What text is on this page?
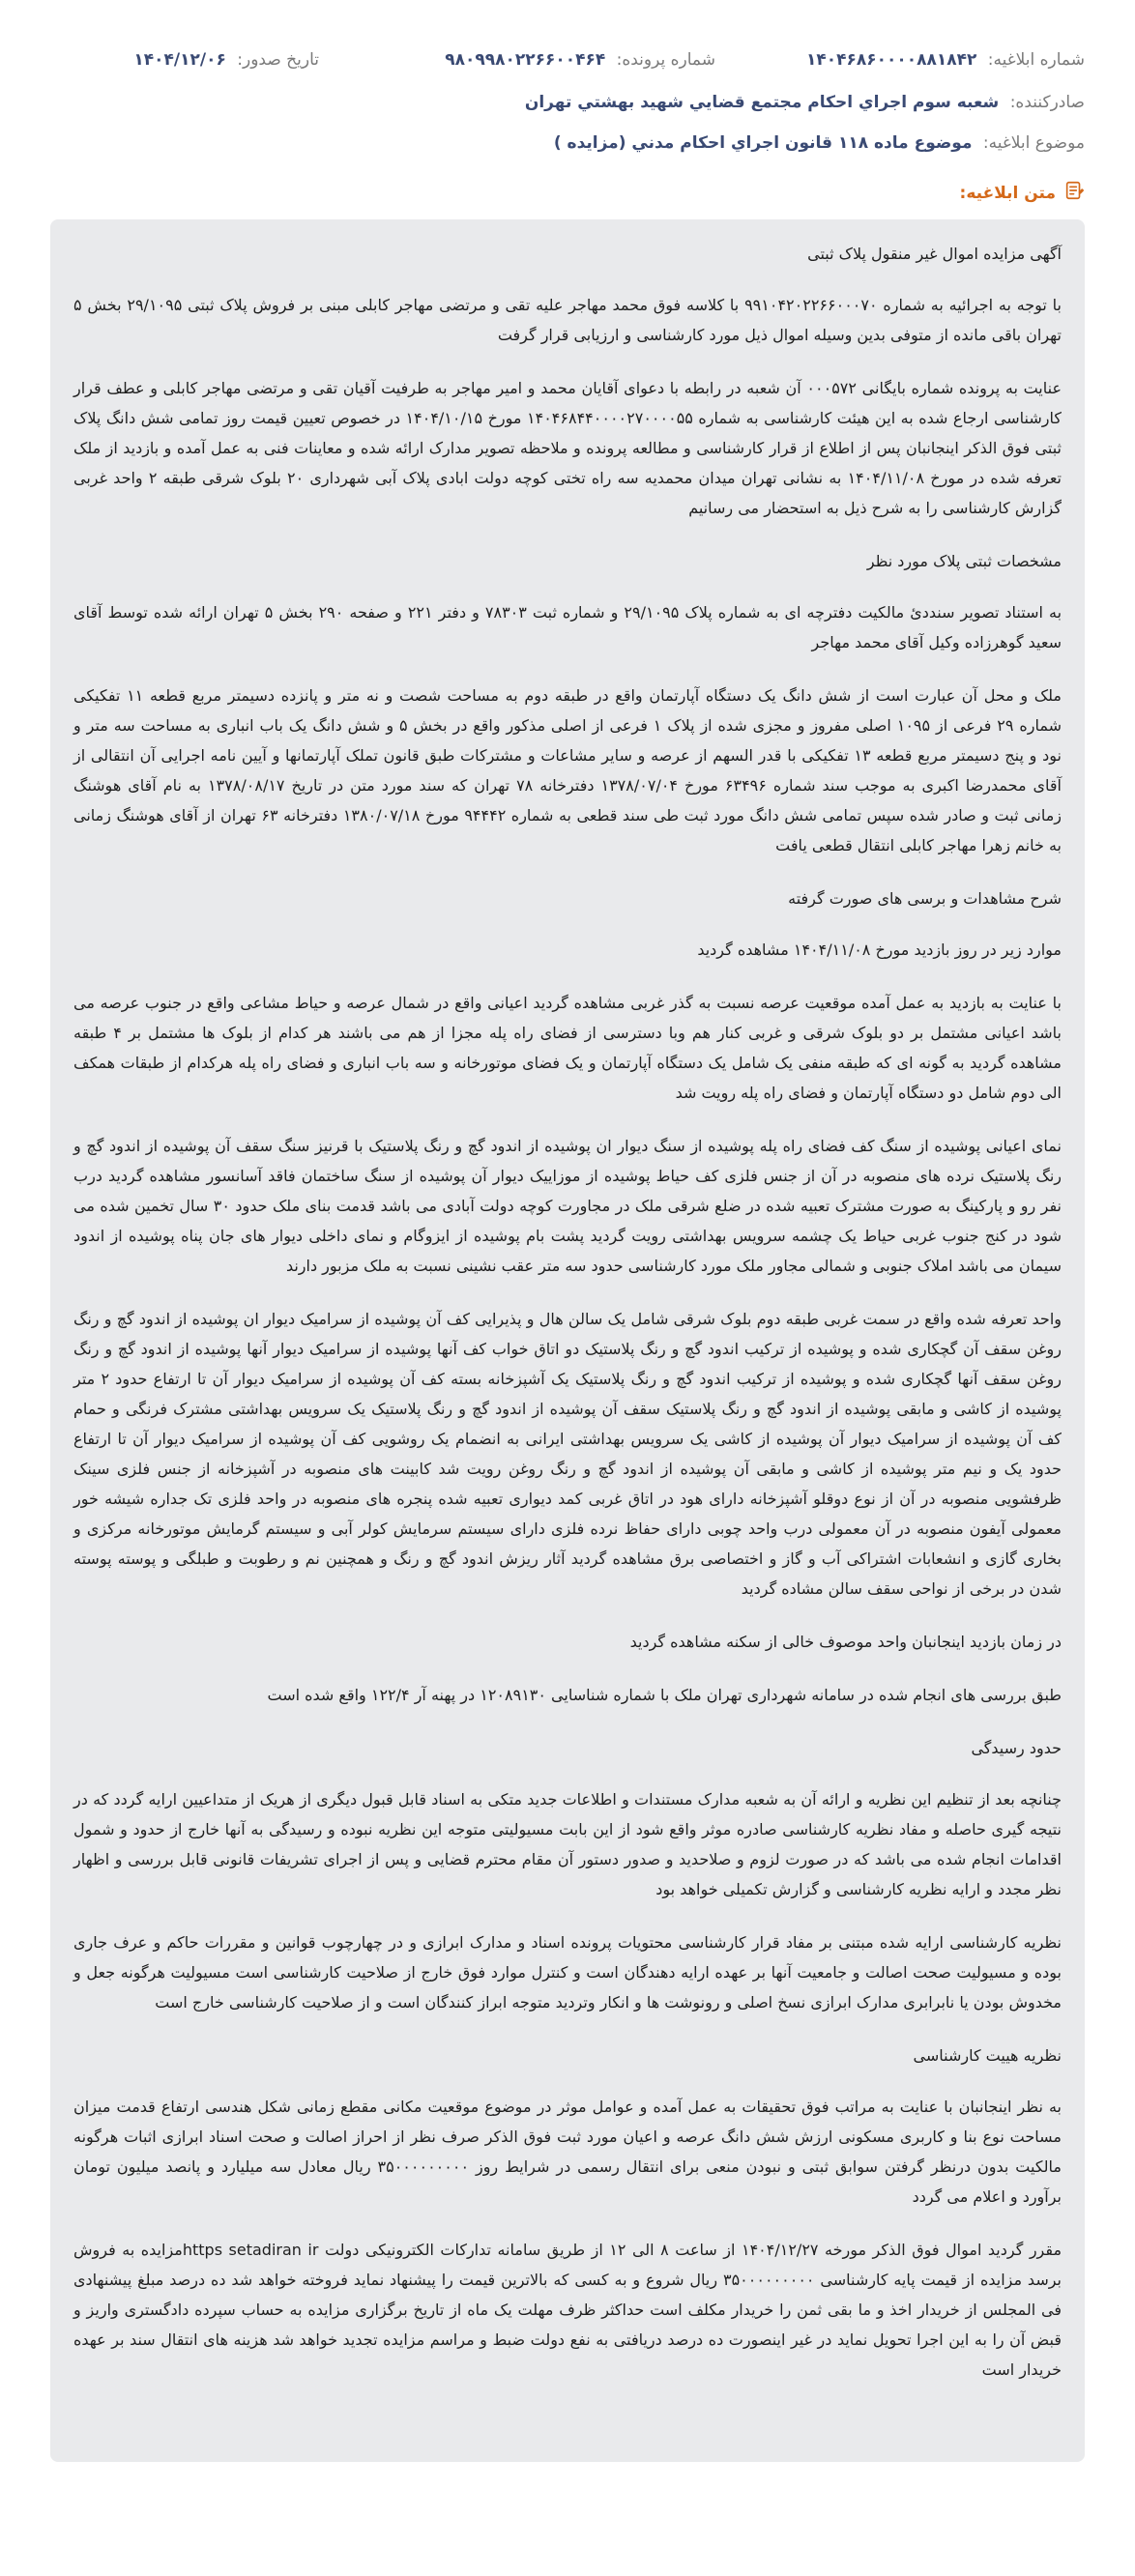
شماره ابلاغیه: ۱۴۰۴۶۸۶۰۰۰۰۸۸۱۸۴۲
شماره پرونده: ۹۸۰۹۹۸۰۲۲۶۶۰۰۴۶۴
تاریخ صدور: ۱۴۰۴/۱۲/۰۶
صادرکننده: شعبه سوم اجراي احکام مجتمع قضايي شهيد بهشتي تهران
موضوع ابلاغیه: موضوع ماده ۱۱۸ قانون اجراي احکام مدني (مزايده )
متن ابلاغیه:

آگهی مزایده اموال غیر منقول پلاک ثبتی

با توجه به اجرائیه به شماره ۹۹۱۰۴۲۰۲۲۶۶۰۰۰۷۰ با کلاسه فوق محمد مهاجر علیه تقی و مرتضی مهاجر کابلی مبنی بر فروش پلاک ثبتی ۲۹/۱۰۹۵ بخش ۵ تهران باقی مانده از متوفی بدین وسیله اموال ذیل مورد کارشناسی و ارزیابی قرار گرفت

عنایت به پرونده شماره بایگانی ۰۰۰۵۷۲ آن شعبه در رابطه با دعوای آقایان محمد و امیر مهاجر به طرفیت آقیان تقی و مرتضی مهاجر کابلی و عطف قرار کارشناسی ارجاع شده به این هیئت کارشناسی به شماره ۱۴۰۴۶۸۴۴۰۰۰۰۲۷۰۰۰۰۵۵ مورخ ۱۴۰۴/۱۰/۱۵ در خصوص تعیین قیمت روز تمامی شش دانگ پلاک ثبتی فوق الذکر اینجانبان پس از اطلاع از قرار کارشناسی و مطالعه پرونده و ملاحظه تصویر مدارک ارائه شده و معاینات فنی به عمل آمده و بازدید از ملک تعرفه شده در مورخ ۱۴۰۴/۱۱/۰۸ به نشانی تهران میدان محمدیه سه راه تختی کوچه دولت ابادی پلاک آبی شهرداری ۲۰ بلوک شرقی طبقه ۲ واحد غربی گزارش کارشناسی را به شرح ذیل به استحضار می رسانیم

مشخصات ثبتی پلاک مورد نظر

به استناد تصویر سنددئ مالکیت دفترچه ای به شماره پلاک ۲۹/۱۰۹۵ و شماره ثبت ۷۸۳۰۳ و دفتر ۲۲۱ و صفحه ۲۹۰ بخش ۵ تهران ارائه شده توسط آقای سعید گوهرزاده وکیل آقای محمد مهاجر

ملک و محل آن عبارت است از شش دانگ یک دستگاه آپارتمان واقع در طبقه دوم به مساحت شصت و نه متر و پانزده دسیمتر مربع قطعه ۱۱ تفکیکی شماره ۲۹ فرعی از ۱۰۹۵ اصلی مفروز و مجزی شده از پلاک ۱ فرعی از اصلی مذکور واقع در بخش ۵ و شش دانگ یک باب انباری به مساحت سه متر و نود و پنج دسیمتر مربع قطعه ۱۳ تفکیکی با قدر السهم از عرصه و سایر مشاعات و مشترکات طبق قانون تملک آپارتمانها و آیین نامه اجرایی آن انتقالی از آقای محمدرضا اکبری به موجب سند شماره ۶۳۴۹۶ مورخ ۱۳۷۸/۰۷/۰۴ دفترخانه ۷۸ تهران که سند مورد متن در تاریخ ۱۳۷۸/۰۸/۱۷ به نام آقای هوشنگ زمانی ثبت و صادر شده سپس تمامی شش دانگ مورد ثبت طی سند قطعی به شماره ۹۴۴۴۲ مورخ ۱۳۸۰/۰۷/۱۸ دفترخانه ۶۳ تهران از آقای هوشنگ زمانی به خانم زهرا مهاجر کابلی انتقال قطعی یافت

شرح مشاهدات و برسی های صورت گرفته

موارد زیر در روز بازدید مورخ ۱۴۰۴/۱۱/۰۸ مشاهده گردید

با عنایت به بازدید به عمل آمده موقعیت عرصه نسبت به گذر غربی مشاهده گردید اعیانی واقع در شمال عرصه و حیاط مشاعی واقع در جنوب عرصه می باشد اعیانی مشتمل بر دو بلوک شرقی و غربی کنار هم وبا دسترسی از فضای راه پله مجزا از هم می باشند هر کدام از بلوک ها مشتمل بر ۴ طبقه مشاهده گردید به گونه ای که طبقه منفی یک شامل یک دستگاه آپارتمان و یک فضای موتورخانه و سه باب انباری و فضای راه پله هرکدام از طبقات همکف الی دوم شامل دو دستگاه آپارتمان و فضای راه پله رویت شد

نمای اعیانی پوشیده از سنگ کف فضای راه پله پوشیده از سنگ دیوار ان پوشیده از اندود گچ و رنگ پلاستیک با قرنیز سنگ سقف آن پوشیده از اندود گچ و رنگ پلاستیک نرده های منصوبه در آن از جنس فلزی کف حیاط پوشیده از موزاییک دیوار آن پوشیده از سنگ ساختمان فاقد آسانسور مشاهده گردید درب نفر رو و پارکینگ به صورت مشترک تعبیه شده در ضلع شرقی ملک در مجاورت کوچه دولت آبادی می باشد قدمت بنای ملک حدود ۳۰ سال تخمین شده می شود در کنج جنوب غربی حیاط یک چشمه سرویس بهداشتی رویت گردید پشت بام پوشیده از ایزوگام و نمای داخلی دیوار های جان پناه پوشیده از اندود سیمان می باشد املاک جنوبی و شمالی مجاور ملک مورد کارشناسی حدود سه متر عقب نشینی نسبت به ملک مزبور دارند

واحد تعرفه شده واقع در سمت غربی طبقه دوم بلوک شرقی شامل یک سالن هال و پذیرایی کف آن پوشیده از سرامیک دیوار ان پوشیده از اندود گچ و رنگ روغن سقف آن گچکاری شده و پوشیده از ترکیب اندود گچ و رنگ پلاستیک دو اتاق خواب کف آنها پوشیده از سرامیک دیوار آنها پوشیده از اندود گچ و رنگ روغن سقف آنها گچکاری شده و پوشیده از ترکیب اندود گچ و رنگ پلاستیک یک آشپزخانه بسته کف آن پوشیده از سرامیک دیوار آن تا ارتفاع حدود ۲ متر پوشیده از کاشی و مابقی پوشیده از اندود گچ و رنگ پلاستیک سقف آن پوشیده از اندود گچ و رنگ پلاستیک یک سرویس بهداشتی مشترک فرنگی و حمام کف آن پوشیده از سرامیک دیوار آن پوشیده از کاشی یک سرویس بهداشتی ایرانی به انضمام یک روشویی کف آن پوشیده از سرامیک دیوار آن تا ارتفاع حدود یک و نیم متر پوشیده از کاشی و مابقی آن پوشیده از اندود گچ و رنگ روغن رویت شد کابینت های منصوبه در آشپزخانه از جنس فلزی سینک ظرفشویی منصوبه در آن از نوع دوقلو آشپزخانه دارای هود در اتاق غربی کمد دیواری تعبیه شده پنجره های منصوبه در واحد فلزی تک جداره شیشه خور معمولی آیفون منصوبه در آن معمولی درب واحد چوبی دارای حفاظ نرده فلزی دارای سیستم سرمایش کولر آبی و سیستم گرمایش موتورخانه مرکزی و بخاری گازی و انشعابات اشتراکی آب و گاز و اختصاصی برق مشاهده گردید آثار ریزش اندود گچ و رنگ و همچنین نم و رطوبت و طبلگی و پوسته پوسته شدن در برخی از نواحی سقف سالن مشاده گردید

در زمان بازدید اینجانبان واحد موصوف خالی از سکنه مشاهده گردید

طبق بررسی های انجام شده در سامانه شهرداری تهران ملک با شماره شناسایی ۱۲۰۸۹۱۳۰ در پهنه آر ۱۲۲/۴ واقع شده است

حدود رسیدگی

چنانچه بعد از تنظیم این نظریه و ارائه آن به شعبه مدارک مستندات و اطلاعات جدید متکی به اسناد قابل قبول دیگری از هریک از متداعیین ارایه گردد که در نتیجه گیری حاصله و مفاد نظریه کارشناسی صادره موثر واقع شود از این بابت مسیولیتی متوجه این نظریه نبوده و رسیدگی به آنها خارج از حدود و شمول اقدامات انجام شده می باشد که در صورت لزوم و صلاحدید و صدور دستور آن مقام محترم قضایی و پس از اجرای تشریفات قانونی قابل بررسی و اظهار نظر مجدد و ارایه نظریه کارشناسی و گزارش تکمیلی خواهد بود

نظریه کارشناسی ارایه شده مبتنی بر مفاد قرار کارشناسی محتویات پرونده اسناد و مدارک ابرازی و در چهارچوب قوانین و مقررات حاکم و عرف جاری بوده و مسیولیت صحت اصالت و جامعیت آنها بر عهده ارایه دهندگان است و کنترل موارد فوق خارج از صلاحیت کارشناسی است مسیولیت هرگونه جعل و مخدوش بودن یا نابرابری مدارک ابرازی نسخ اصلی و رونوشت ها و انکار وتردید متوجه ابراز کنندگان است و از صلاحیت کارشناسی خارج است

نظریه هییت کارشناسی

به نظر اینجانبان با عنایت به مراتب فوق تحقیقات به عمل آمده و عوامل موثر در موضوع موقعیت مکانی مقطع زمانی شکل هندسی ارتفاع قدمت میزان مساحت نوع بنا و کاربری مسکونی ارزش شش دانگ عرصه و اعیان مورد ثبت فوق الذکر صرف نظر از احراز اصالت و صحت اسناد ابرازی اثبات هرگونه مالکیت بدون درنظر گرفتن سوابق ثبتی و نبودن منعی برای انتقال رسمی در شرایط روز ۳۵۰۰۰۰۰۰۰۰۰ ریال معادل سه میلیارد و پانصد میلیون تومان برآورد و اعلام می گردد

مقرر گردید اموال فوق الذکر مورخه ۱۴۰۴/۱۲/۲۷ از ساعت ۸ الی ۱۲ از طریق سامانه تدارکات الکترونیکی دولت https setadiran irمزایده به فروش برسد مزایده از قیمت پایه کارشناسی ۳۵۰۰۰۰۰۰۰۰۰ ریال شروع و به کسی که بالاترین قیمت را پیشنهاد نماید فروخته خواهد شد ده درصد مبلغ پیشنهادی فی المجلس از خریدار اخذ و ما بقی ثمن را خریدار مکلف است حداکثر ظرف مهلت یک ماه از تاریخ برگزاری مزایده به حساب سپرده دادگستری واریز و قبض آن را به این اجرا تحویل نماید در غیر اینصورت ده درصد دریافتی به نفع دولت ضبط و مراسم مزایده تجدید خواهد شد هزینه های انتقال سند بر عهده خریدار است
